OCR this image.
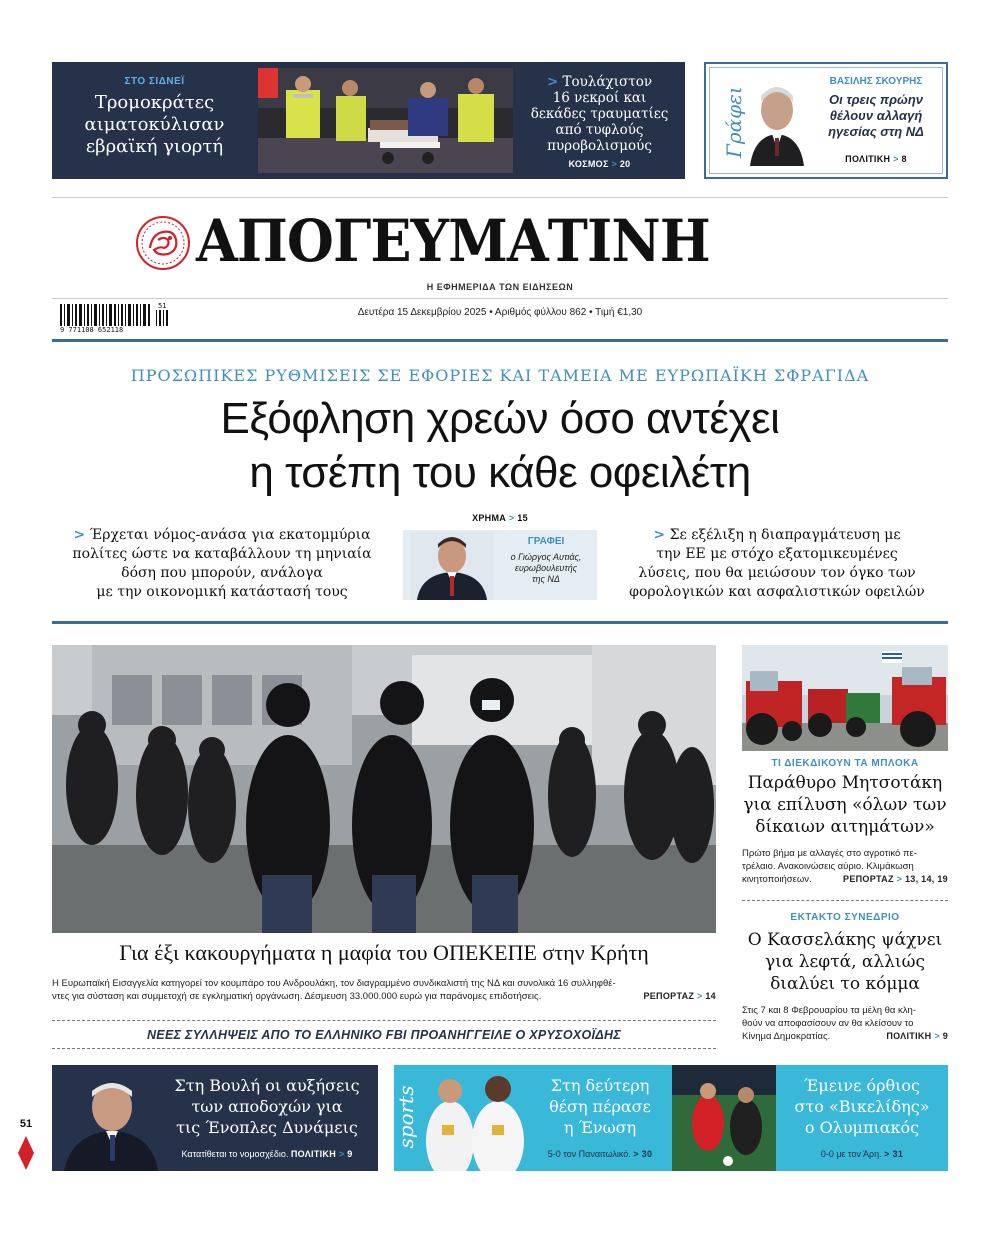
ΣΤΟ ΣΙΔΝΕΪ
Τρομοκράτες
αιματοκύλισαν
εβραϊκή γιορτή
> Τουλάχιστον
16 νεκροί και
δεκάδες τραυματίες
από τυφλούς
πυροβολισμούς
ΚΟΣΜΟΣ > 20
Γράφει
ΒΑΣΙΛΗΣ ΣΚΟΥΡΗΣ
Οι τρεις πρώην
θέλουν αλλαγή
ηγεσίας στη ΝΔ
ΠΟΛΙΤΙΚΗ > 8
ΑΠΟΓΕΥΜΑΤΙΝΗ
Η ΕΦΗΜΕΡΙΔΑ ΤΩΝ ΕΙΔΗΣΕΩΝ
9 771108 652118
51
Δευτέρα 15 Δεκεμβρίου 2025 • Αριθμός φύλλου 862 • Τιμή €1,30
ΠΡΟΣΩΠΙΚΕΣ ΡΥΘΜΙΣΕΙΣ ΣΕ ΕΦΟΡΙΕΣ ΚΑΙ ΤΑΜΕΙΑ ΜΕ ΕΥΡΩΠΑΪΚΗ ΣΦΡΑΓΙΔΑ
Εξόφληση χρεών όσο αντέχει
η τσέπη του κάθε οφειλέτη
ΧΡΗΜΑ > 15
> Έρχεται νόμος-ανάσα για εκατομμύρια
πολίτες ώστε να καταβάλλουν τη μηνιαία
δόση που μπορούν, ανάλογα
με την οικονομική κατάστασή τους
ΓΡΑΦΕΙ
ο Γιώργος Αυτιάς,
ευρωβουλευτής
της ΝΔ
> Σε εξέλιξη η διαπραγμάτευση με
την ΕΕ με στόχο εξατομικευμένες
λύσεις, που θα μειώσουν τον όγκο των
φορολογικών και ασφαλιστικών οφειλών
Για έξι κακουργήματα η μαφία του ΟΠΕΚΕΠΕ στην Κρήτη
Η Ευρωπαϊκή Εισαγγελία κατηγορεί τον κουμπάρο του Ανδρουλάκη, τον διαγραμμένο συνδικαλιστή της ΝΔ και συνολικά 16 συλληφθέ-
ντες για σύσταση και συμμετοχή σε εγκληματική οργάνωση. Δέσμευση 33.000.000 ευρώ για παράνομες επιδοτήσεις.	ΡΕΠΟΡΤΑΖ > 14
ΝΕΕΣ ΣΥΛΛΗΨΕΙΣ ΑΠΟ ΤΟ ΕΛΛΗΝΙΚΟ FBI ΠΡΟΑΝΗΓΓΕΙΛΕ Ο ΧΡΥΣΟΧΟΪΔΗΣ
ΤΙ ΔΙΕΚΔΙΚΟΥΝ ΤΑ ΜΠΛΟΚΑ
Παράθυρο Μητσοτάκη
για επίλυση «όλων των
δίκαιων αιτημάτων»
Πρώτο βήμα με αλλαγές στο αγροτικό πε-
τρέλαιο. Ανακοινώσεις αύριο. Κλιμάκωση
κινητοποιήσεων.	ΡΕΠΟΡΤΑΖ > 13, 14, 19
ΕΚΤΑΚΤΟ ΣΥΝΕΔΡΙΟ
Ο Κασσελάκης ψάχνει
για λεφτά, αλλιώς
διαλύει το κόμμα
Στις 7 και 8 Φεβρουαρίου τα μέλη θα κλη-
θούν να αποφασίσουν αν θα κλείσουν το
Κίνημα Δημοκρατίας.	ΠΟΛΙΤΙΚΗ > 9
Στη Βουλή οι αυξήσεις
των αποδοχών για
τις Ένοπλες Δυνάμεις
Κατατίθεται το νομοσχέδιο. ΠΟΛΙΤΙΚΗ > 9
sports
Στη δεύτερη
θέση πέρασε
η Ένωση
5-0 τον Παναιτωλικό. > 30
Έμεινε όρθιος
στο «Βικελίδης»
ο Ολυμπιακός
0-0 με τον Άρη. > 31
51
